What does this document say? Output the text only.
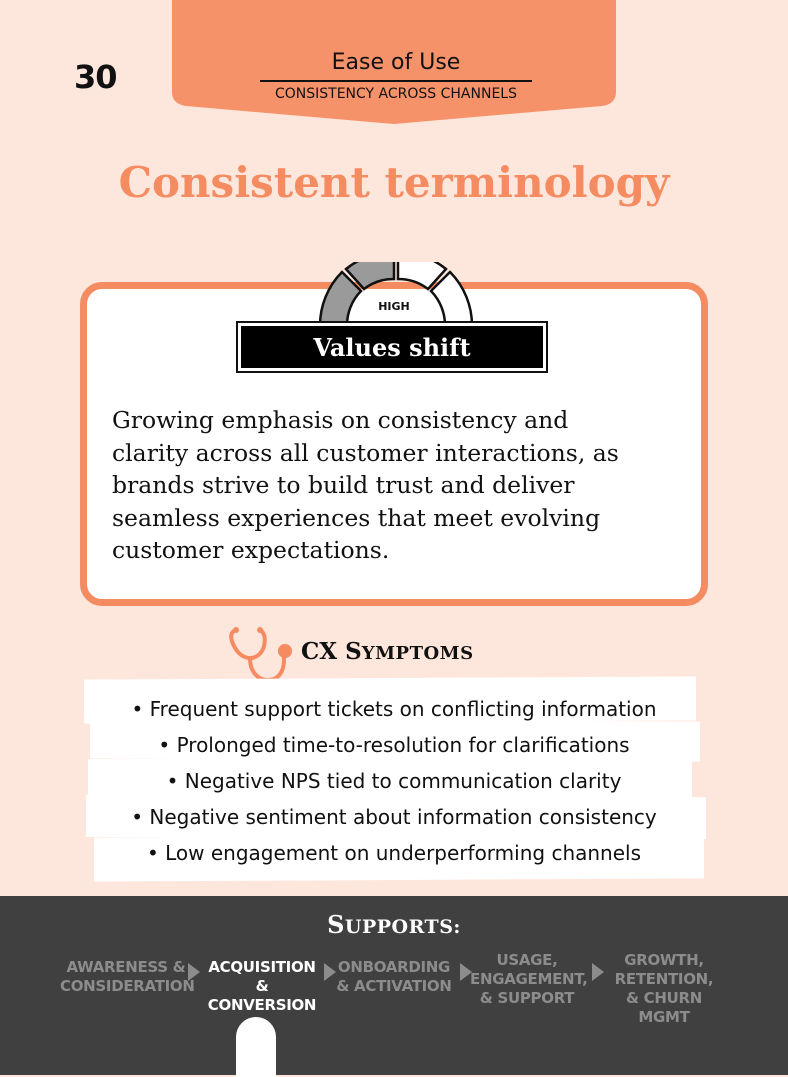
30	Ease of Use
CONSISTENCY ACROSS CHANNELS
Consistent terminology
HIGH
Values shift
Growing emphasis on consistency and
clarity across all customer interactions, as
brands strive to build trust and deliver
seamless experiences that meet evolving
customer expectations.
CX SYMPTOMS
• Frequent support tickets on conflicting information
• Prolonged time-to-resolution for clarifications
• Negative NPS tied to communication clarity
• Negative sentiment about information consistency
• Low engagement on underperforming channels
SUPPORTS:
AWARENESS &
CONSIDERATION
ACQUISITION
& CONVERSION
ONBOARDING
& ACTIVATION
USAGE,
ENGAGEMENT,
& SUPPORT
GROWTH,
RETENTION,
& CHURN MGMT
